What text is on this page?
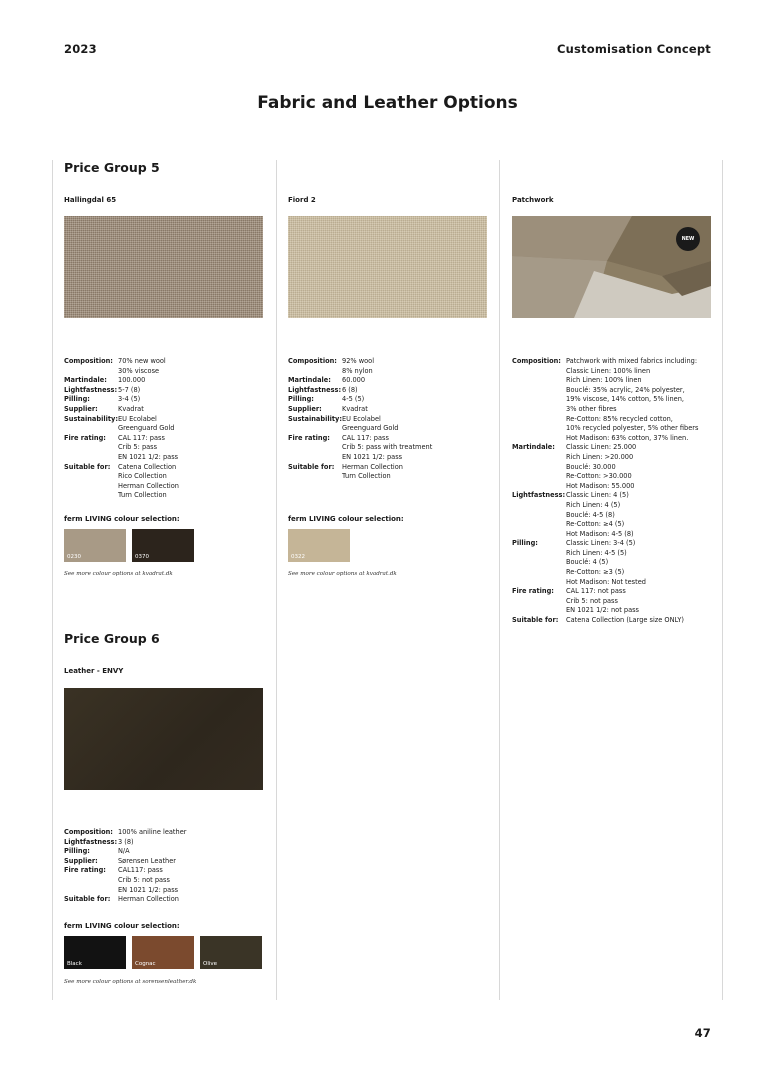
2023	Customisation Concept
Fabric and Leather Options
Price Group 5
Hallingdal 65
Composition: 70% new wool
30% viscose
Martindale:	100.000
Lightfastness: 5-7 (8)
Pilling:	3-4 (5)
Supplier:	Kvadrat
Sustainability: EU Ecolabel
Greenguard Gold
Fire rating:	CAL 117: pass
Crib 5: pass
EN 1021 1/2: pass
Suitable for:	Catena Collection
Rico Collection
Herman Collection
Turn Collection
ferm LIVING colour selection:
0230	0370
See more colour options at kvadrat.dk
Fiord 2
Composition: 92% wool
8% nylon
Martindale:	60.000
Lightfastness: 6 (8)
Pilling:	4-5 (5)
Supplier:	Kvadrat
Sustainability: EU Ecolabel
Greenguard Gold
Fire rating:	CAL 117: pass
Crib 5: pass with treatment
EN 1021 1/2: pass
Suitable for:	Herman Collection
Turn Collection
ferm LIVING colour selection:
0322
See more colour options at kvadrat.dk
Patchwork
NEW
Composition: Patchwork with mixed fabrics including:
Classic Linen: 100% linen
Rich Linen: 100% linen
Bouclé: 35% acrylic, 24% polyester,
19% viscose, 14% cotton, 5% linen,
3% other fibres
Re-Cotton: 85% recycled cotton,
10% recycled polyester, 5% other fibers
Hot Madison: 63% cotton, 37% linen.
Martindale:	Classic Linen: 25.000
Rich Linen: >20.000
Bouclé: 30.000
Re-Cotton: >30.000
Hot Madison: 55.000
Lightfastness: Classic Linen: 4 (5)
Rich Linen: 4 (5)
Bouclé: 4-5 (8)
Re-Cotton: ≥4 (5)
Hot Madison: 4-5 (8)
Pilling:	Classic Linen: 3-4 (5)
Rich Linen: 4-5 (5)
Bouclé: 4 (5)
Re-Cotton: ≥3 (5)
Hot Madison: Not tested
Fire rating:	CAL 117: not pass
Crib 5: not pass
EN 1021 1/2: not pass
Suitable for:	Catena Collection (Large size ONLY)
Price Group 6
Leather - ENVY
Composition: 100% aniline leather
Lightfastness: 3 (8)
Pilling:	N/A
Supplier:	Sørensen Leather
Fire rating:	CAL117: pass
Crib 5: not pass
EN 1021 1/2: pass
Suitable for:	Herman Collection
ferm LIVING colour selection:
Black	Cognac	Olive
See more colour options at sorensenleather.dk
47
